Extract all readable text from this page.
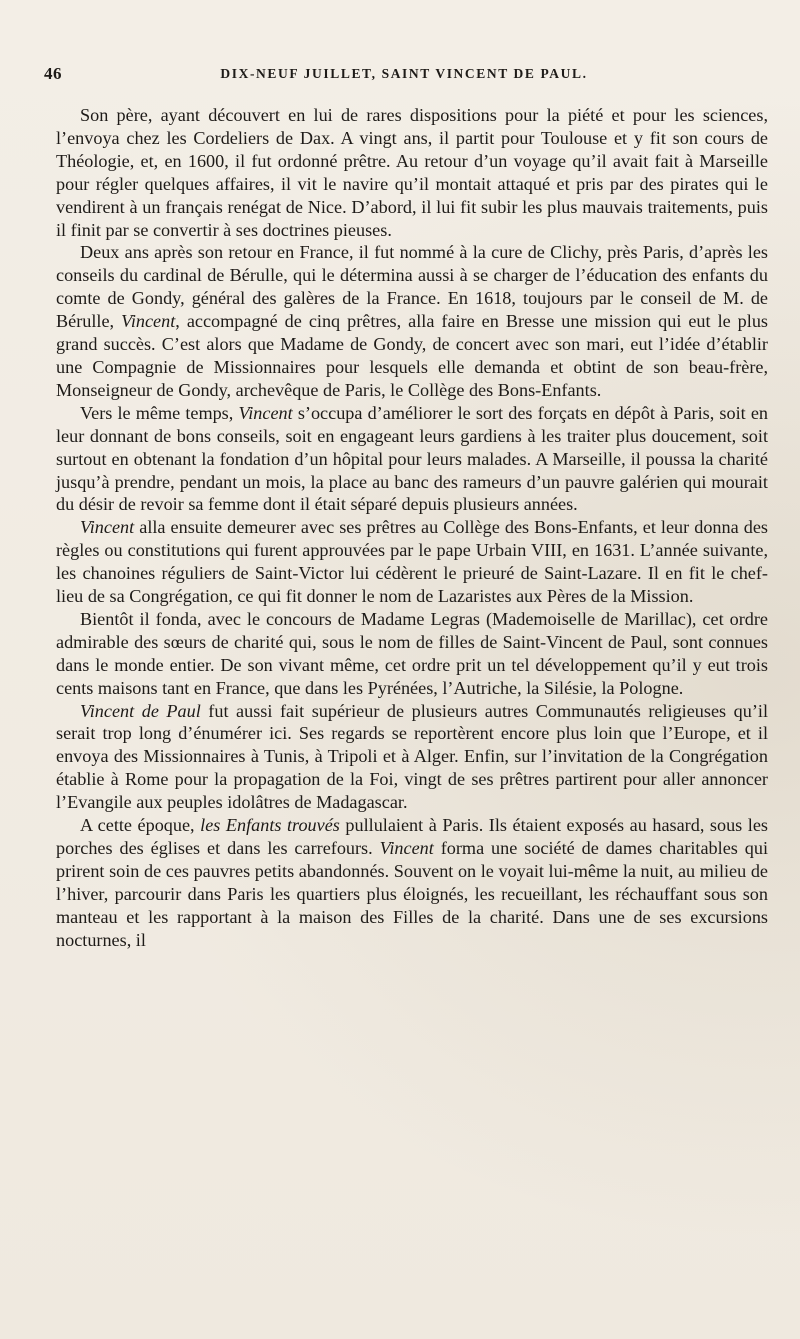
46	DIX-NEUF JUILLET, SAINT VINCENT DE PAUL.

Son père, ayant découvert en lui de rares dispositions pour la piété et pour les sciences, l’envoya chez les Cordeliers de Dax. A vingt ans, il partit pour Toulouse et y fit son cours de Théologie, et, en 1600, il fut ordonné prêtre. Au retour d’un voyage qu’il avait fait à Marseille pour régler quelques affaires, il vit le navire qu’il montait attaqué et pris par des pirates qui le vendirent à un français renégat de Nice. D’abord, il lui fit subir les plus mauvais traitements, puis il finit par se convertir à ses doctrines pieuses.

Deux ans après son retour en France, il fut nommé à la cure de Clichy, près Paris, d’après les conseils du cardinal de Bérulle, qui le détermina aussi à se charger de l’éducation des enfants du comte de Gondy, général des galères de la France. En 1618, toujours par le conseil de M. de Bérulle, Vincent, accompagné de cinq prêtres, alla faire en Bresse une mission qui eut le plus grand succès. C’est alors que Madame de Gondy, de concert avec son mari, eut l’idée d’établir une Compagnie de Missionnaires pour lesquels elle demanda et obtint de son beau-frère, Monseigneur de Gondy, archevêque de Paris, le Collège des Bons-Enfants.

Vers le même temps, Vincent s’occupa d’améliorer le sort des forçats en dépôt à Paris, soit en leur donnant de bons conseils, soit en engageant leurs gardiens à les traiter plus doucement, soit surtout en obtenant la fondation d’un hôpital pour leurs malades. A Marseille, il poussa la charité jusqu’à prendre, pendant un mois, la place au banc des rameurs d’un pauvre galérien qui mourait du désir de revoir sa femme dont il était séparé depuis plusieurs années.

Vincent alla ensuite demeurer avec ses prêtres au Collège des Bons-Enfants, et leur donna des règles ou constitutions qui furent approuvées par le pape Urbain VIII, en 1631. L’année suivante, les chanoines réguliers de Saint-Victor lui cédèrent le prieuré de Saint-Lazare. Il en fit le chef-lieu de sa Congrégation, ce qui fit donner le nom de Lazaristes aux Pères de la Mission.

Bientôt il fonda, avec le concours de Madame Legras (Mademoiselle de Marillac), cet ordre admirable des sœurs de charité qui, sous le nom de filles de Saint-Vincent de Paul, sont connues dans le monde entier. De son vivant même, cet ordre prit un tel développement qu’il y eut trois cents maisons tant en France, que dans les Pyrénées, l’Autriche, la Silésie, la Pologne.

Vincent de Paul fut aussi fait supérieur de plusieurs autres Communautés religieuses qu’il serait trop long d’énumérer ici. Ses regards se reportèrent encore plus loin que l’Europe, et il envoya des Missionnaires à Tunis, à Tripoli et à Alger. Enfin, sur l’invitation de la Congrégation établie à Rome pour la propagation de la Foi, vingt de ses prêtres partirent pour aller annoncer l’Evangile aux peuples idolâtres de Madagascar.

A cette époque, les Enfants trouvés pullulaient à Paris. Ils étaient exposés au hasard, sous les porches des églises et dans les carrefours. Vincent forma une société de dames charitables qui prirent soin de ces pauvres petits abandonnés. Souvent on le voyait lui-même la nuit, au milieu de l’hiver, parcourir dans Paris les quartiers plus éloignés, les recueillant, les réchauffant sous son manteau et les rapportant à la maison des Filles de la charité. Dans une de ses excursions nocturnes, il
